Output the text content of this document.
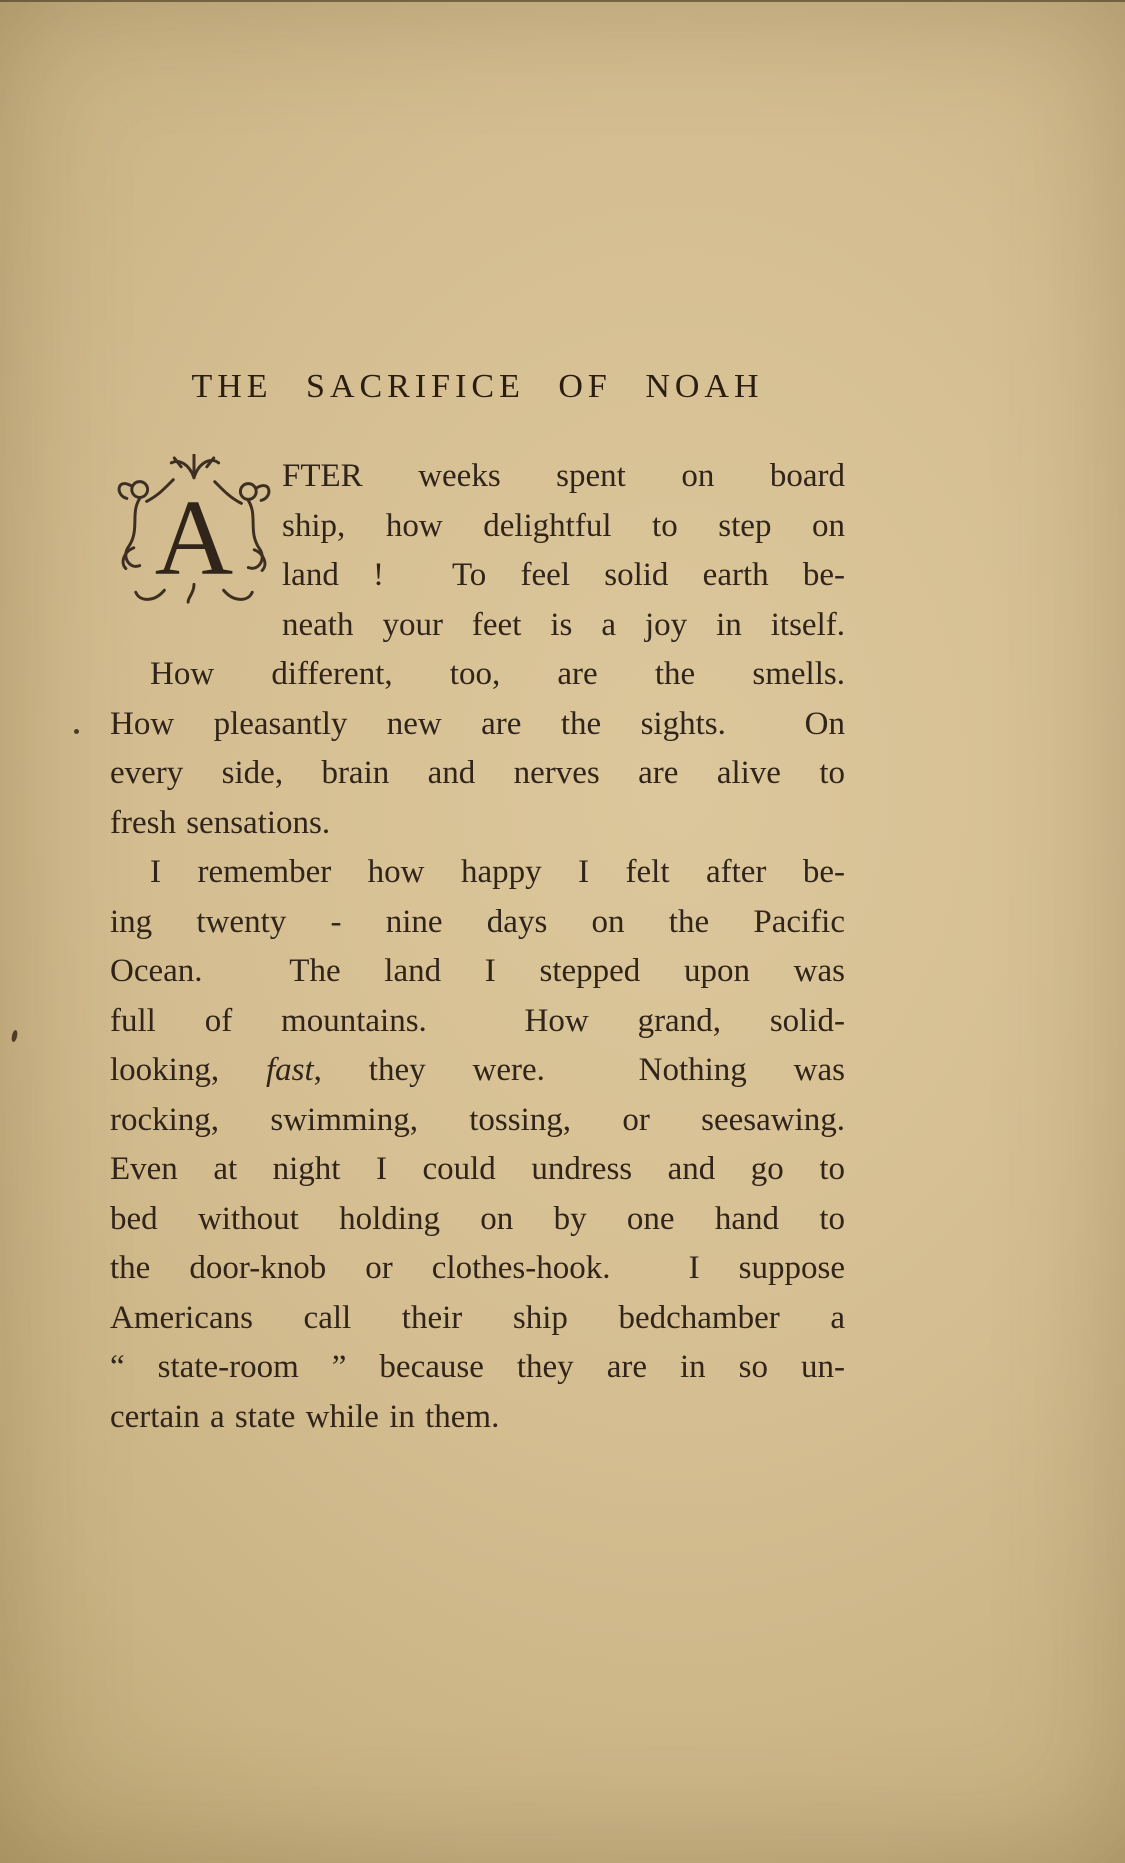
THE SACRIFICE OF NOAH
A
FTER weeks spent on board
ship, how delightful to step on
land !  To feel solid earth be-
neath your feet is a joy in itself.
How different, too, are the smells.
How pleasantly new are the sights.  On
every side, brain and nerves are alive to
fresh sensations.
I remember how happy I felt after be-
ing twenty - nine days on the Pacific
Ocean.  The land I stepped upon was
full of mountains.  How grand, solid-
looking, fast, they were.  Nothing was
rocking, swimming, tossing, or seesawing.
Even at night I could undress and go to
bed without holding on by one hand to
the door-knob or clothes-hook.  I suppose
Americans call their ship bedchamber a
“ state-room ” because they are in so un-
certain a state while in them.
